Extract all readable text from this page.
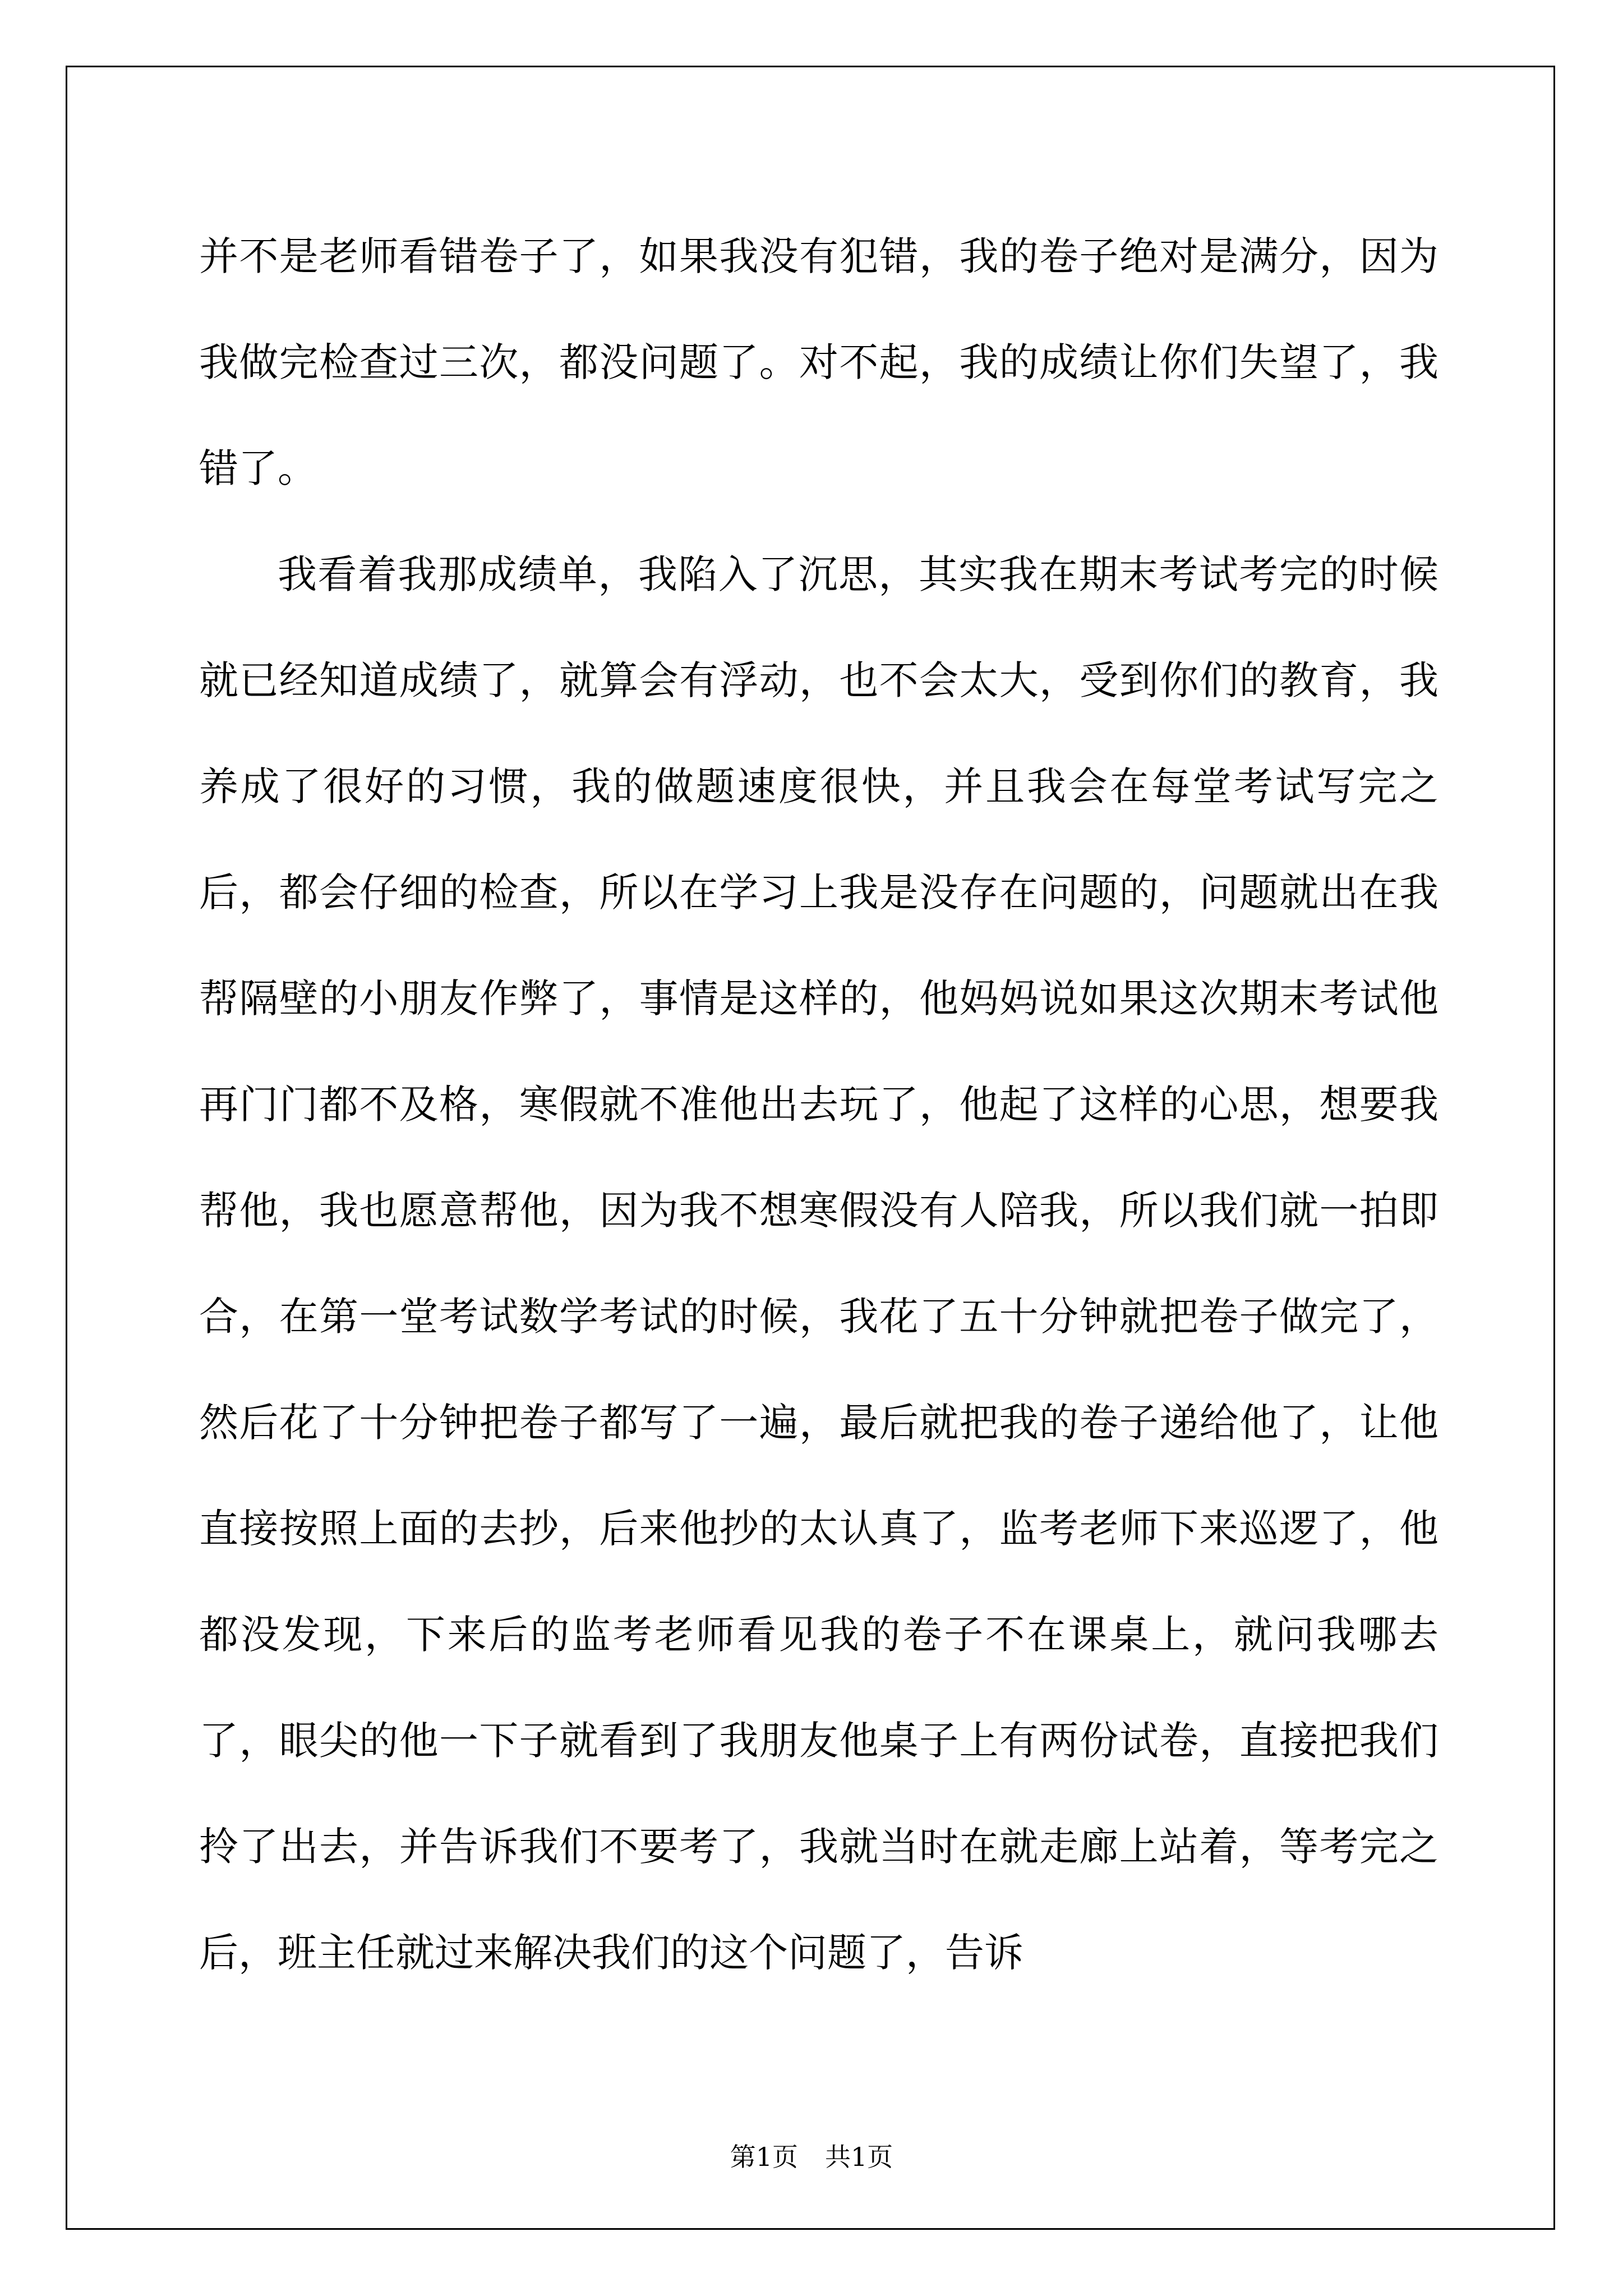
并不是老师看错卷子了，如果我没有犯错，我的卷子绝对是满分，因为我做完检查过三次，都没问题了。对不起，我的成绩让你们失望了，我错了。

我看着我那成绩单，我陷入了沉思，其实我在期末考试考完的时候就已经知道成绩了，就算会有浮动，也不会太大，受到你们的教育，我养成了很好的习惯，我的做题速度很快，并且我会在每堂考试写完之后，都会仔细的检查，所以在学习上我是没存在问题的，问题就出在我帮隔壁的小朋友作弊了，事情是这样的，他妈妈说如果这次期末考试他再门门都不及格，寒假就不准他出去玩了，他起了这样的心思，想要我帮他，我也愿意帮他，因为我不想寒假没有人陪我，所以我们就一拍即合，在第一堂考试数学考试的时候，我花了五十分钟就把卷子做完了，然后花了十分钟把卷子都写了一遍，最后就把我的卷子递给他了，让他直接按照上面的去抄，后来他抄的太认真了，监考老师下来巡逻了，他都没发现，下来后的监考老师看见我的卷子不在课桌上，就问我哪去了，眼尖的他一下子就看到了我朋友他桌子上有两份试卷，直接把我们拎了出去，并告诉我们不要考了，我就当时在就走廊上站着，等考完之后，班主任就过来解决我们的这个问题了，告诉

第1页 共1页
